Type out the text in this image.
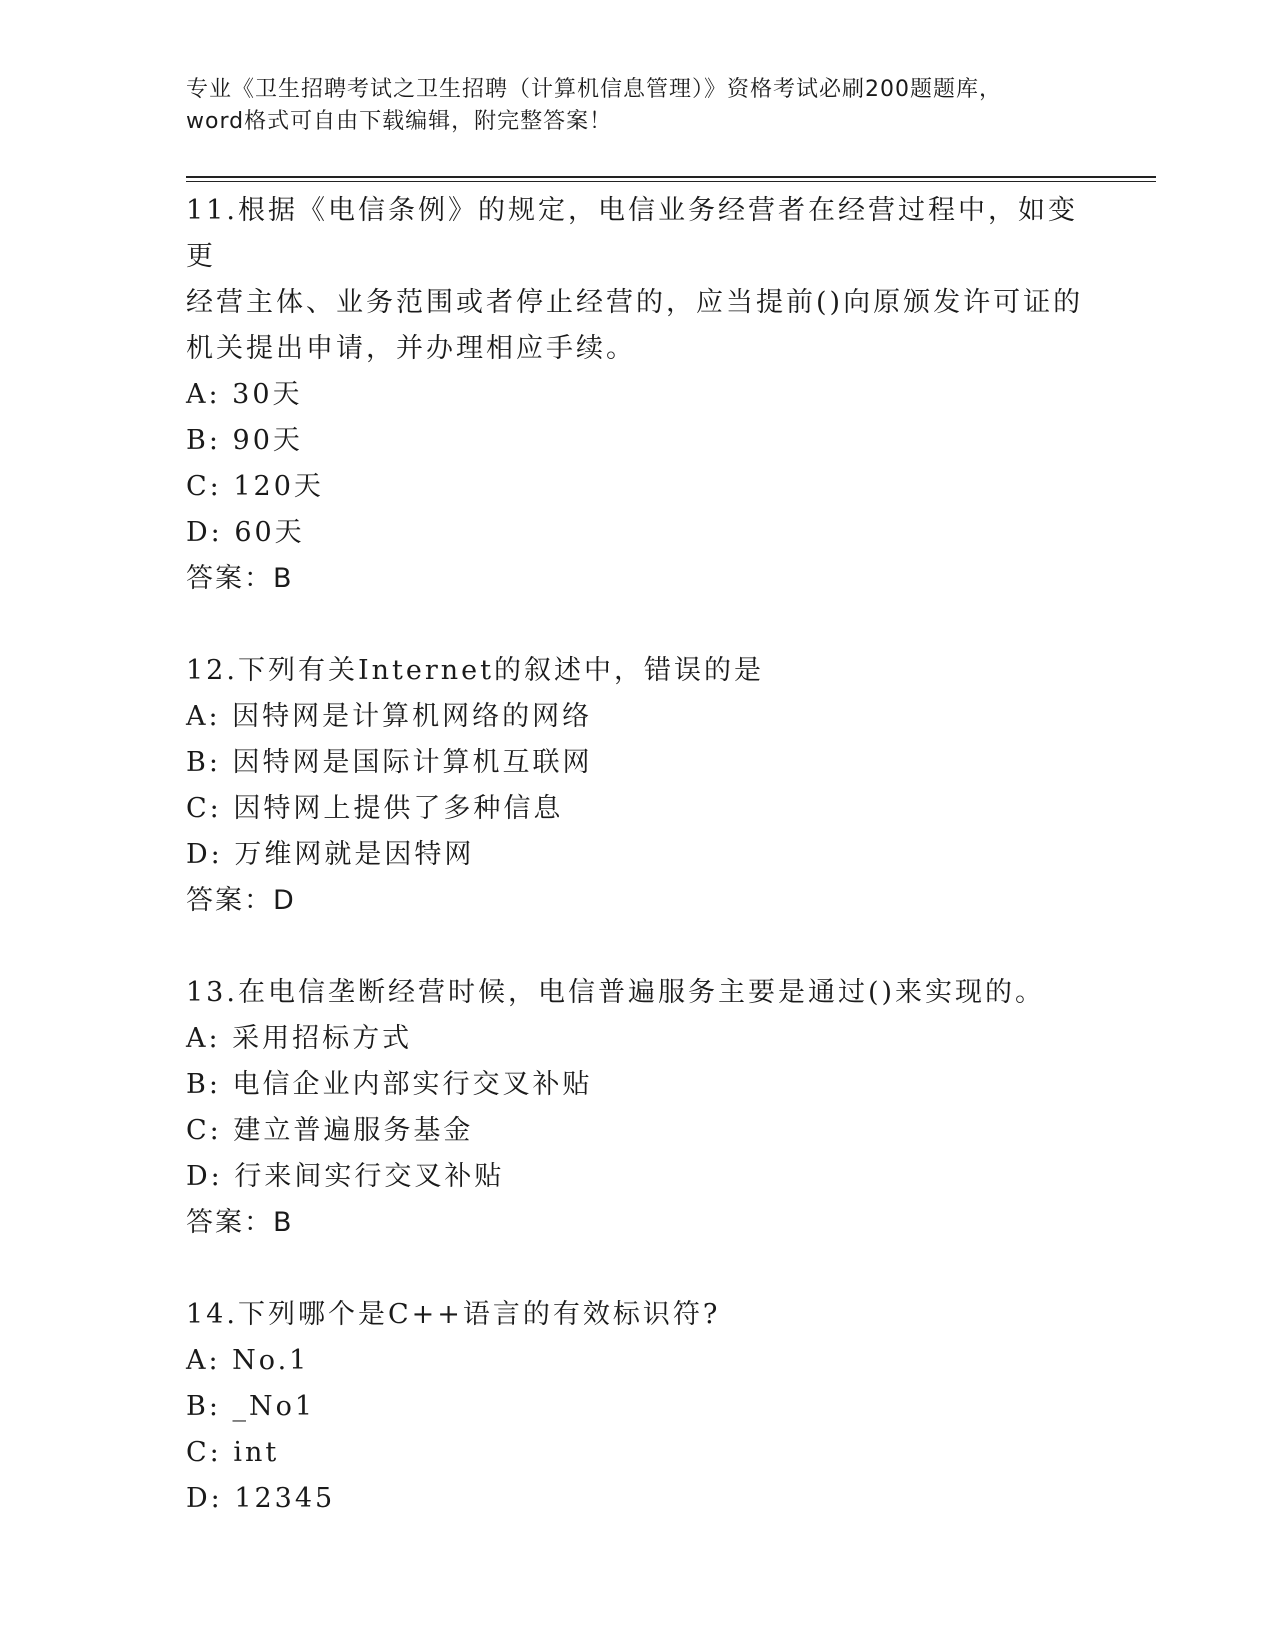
专业《卫生招聘考试之卫生招聘（计算机信息管理）》资格考试必刷200题题库，
word格式可自由下载编辑，附完整答案！

11.根据《电信条例》的规定，电信业务经营者在经营过程中，如变更

经营主体、业务范围或者停止经营的，应当提前()向原颁发许可证的

机关提出申请，并办理相应手续。

A: 30天

B: 90天

C: 120天

D: 60天

答案：B

12.下列有关Internet的叙述中，错误的是

A: 因特网是计算机网络的网络

B: 因特网是国际计算机互联网

C: 因特网上提供了多种信息

D: 万维网就是因特网

答案：D

13.在电信垄断经营时候，电信普遍服务主要是通过()来实现的。

A: 采用招标方式

B: 电信企业内部实行交叉补贴

C: 建立普遍服务基金

D: 行来间实行交叉补贴

答案：B

14.下列哪个是C++语言的有效标识符?

A: No.1

B: _No1

C: int

D: 12345
